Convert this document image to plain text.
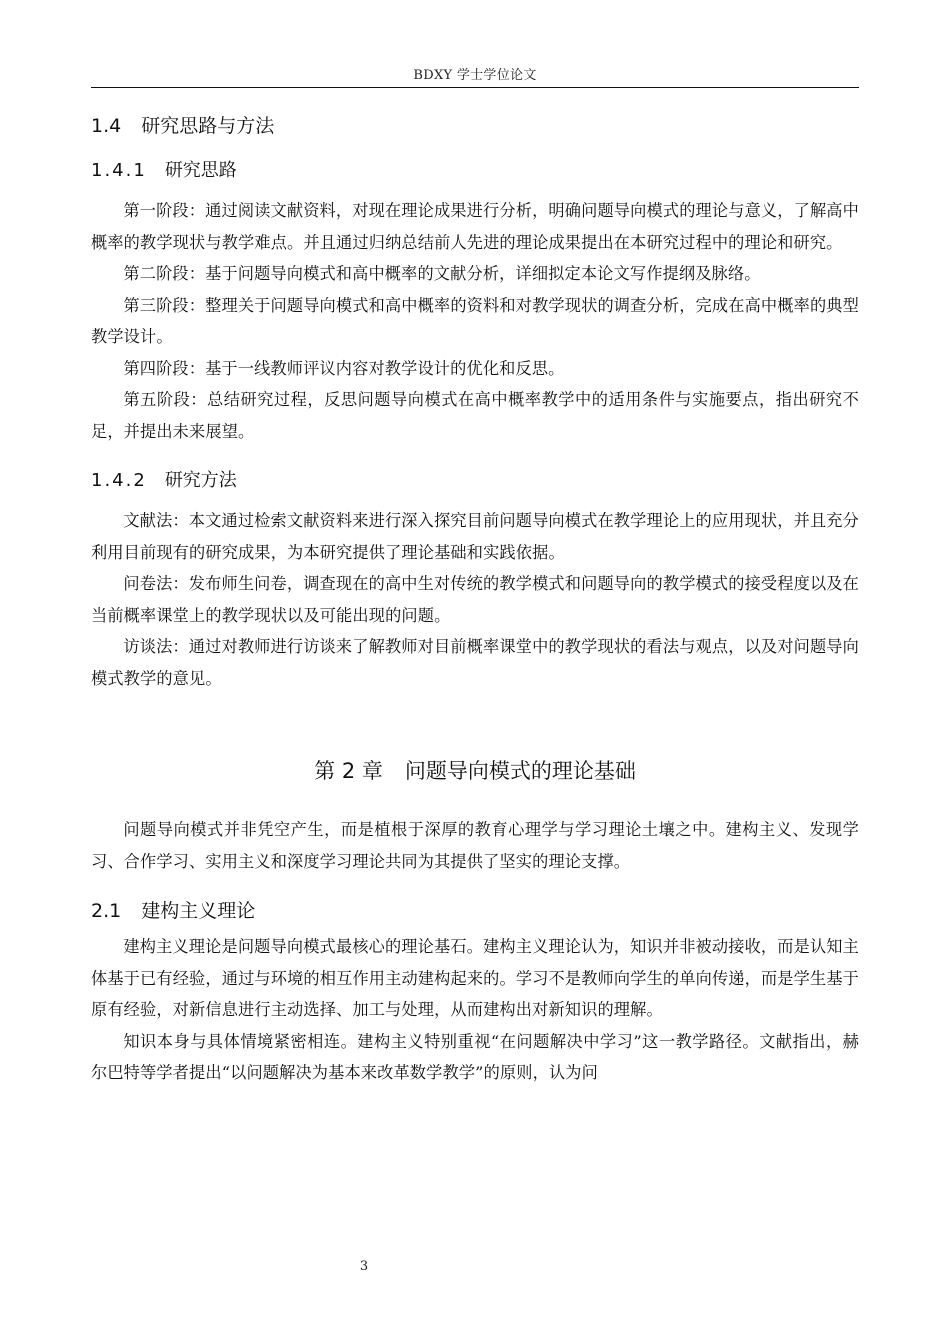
BDXY 学士学位论文
1.4 研究思路与方法
1.4.1 研究思路

第一阶段：通过阅读文献资料，对现在理论成果进行分析，明确问题导向模式的理论与意义，了解高中概率的教学现状与教学难点。并且通过归纳总结前人先进的理论成果提出在本研究过程中的理论和研究。

第二阶段：基于问题导向模式和高中概率的文献分析，详细拟定本论文写作提纲及脉络。

第三阶段：整理关于问题导向模式和高中概率的资料和对教学现状的调查分析，完成在高中概率的典型教学设计。

第四阶段：基于一线教师评议内容对教学设计的优化和反思。

第五阶段：总结研究过程，反思问题导向模式在高中概率教学中的适用条件与实施要点，指出研究不足，并提出未来展望。

1.4.2 研究方法

文献法：本文通过检索文献资料来进行深入探究目前问题导向模式在教学理论上的应用现状，并且充分利用目前现有的研究成果，为本研究提供了理论基础和实践依据。

问卷法：发布师生问卷，调查现在的高中生对传统的教学模式和问题导向的教学模式的接受程度以及在当前概率课堂上的教学现状以及可能出现的问题。

访谈法：通过对教师进行访谈来了解教师对目前概率课堂中的教学现状的看法与观点，以及对问题导向模式教学的意见。

第 2 章 问题导向模式的理论基础

问题导向模式并非凭空产生，而是植根于深厚的教育心理学与学习理论土壤之中。建构主义、发现学习、合作学习、实用主义和深度学习理论共同为其提供了坚实的理论支撑。

2.1 建构主义理论

建构主义理论是问题导向模式最核心的理论基石。建构主义理论认为，知识并非被动接收，而是认知主体基于已有经验，通过与环境的相互作用主动建构起来的。学习不是教师向学生的单向传递，而是学生基于原有经验，对新信息进行主动选择、加工与处理，从而建构出对新知识的理解。

知识本身与具体情境紧密相连。建构主义特别重视“在问题解决中学习”这一教学路径。文献指出，赫尔巴特等学者提出“以问题解决为基本来改革数学教学”的原则，认为问

3
